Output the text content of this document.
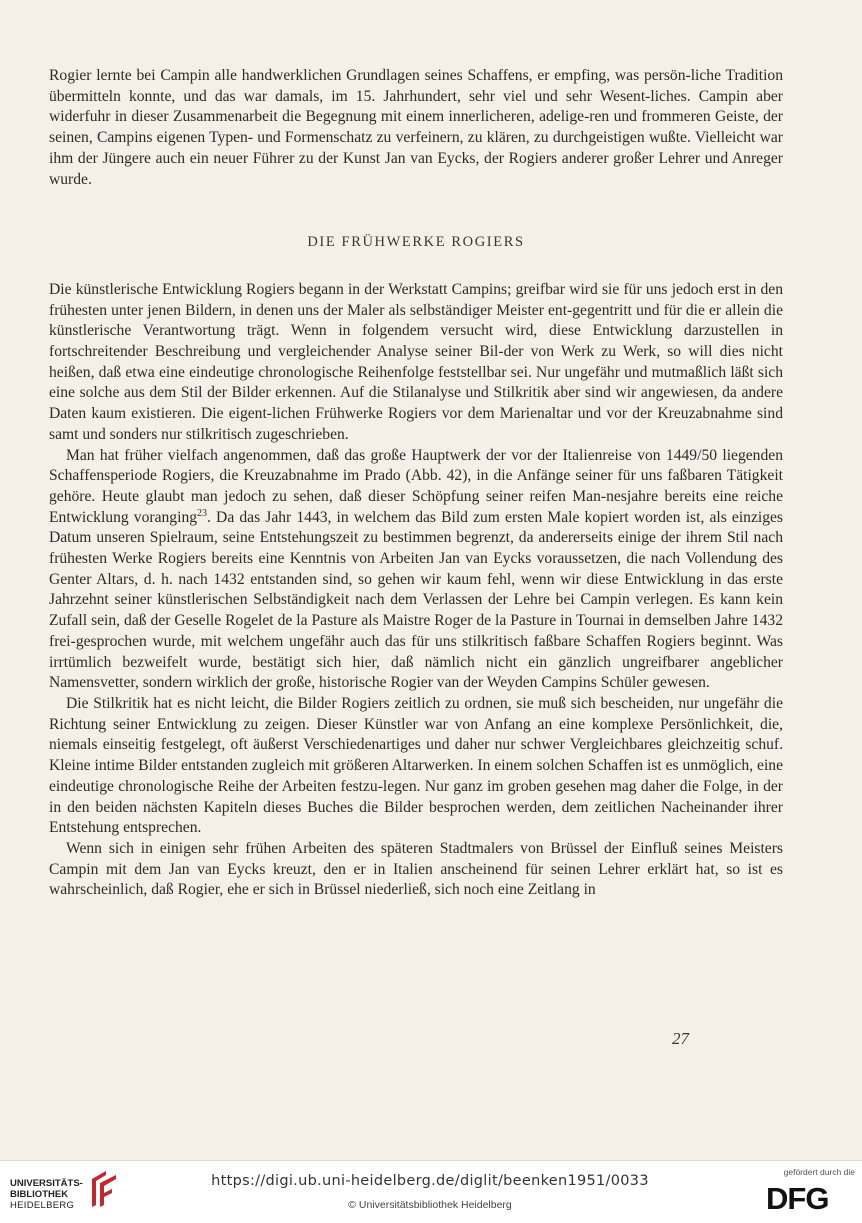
Rogier lernte bei Campin alle handwerklichen Grundlagen seines Schaffens, er empfing, was persön-liche Tradition übermitteln konnte, und das war damals, im 15. Jahrhundert, sehr viel und sehr Wesent-liches. Campin aber widerfuhr in dieser Zusammenarbeit die Begegnung mit einem innerlicheren, adelige-ren und frommeren Geiste, der seinen, Campins eigenen Typen- und Formenschatz zu verfeinern, zu klären, zu durchgeistigen wußte. Vielleicht war ihm der Jüngere auch ein neuer Führer zu der Kunst Jan van Eycks, der Rogiers anderer großer Lehrer und Anreger wurde.

DIE FRÜHWERKE ROGIERS

Die künstlerische Entwicklung Rogiers begann in der Werkstatt Campins; greifbar wird sie für uns jedoch erst in den frühesten unter jenen Bildern, in denen uns der Maler als selbständiger Meister ent-gegentritt und für die er allein die künstlerische Verantwortung trägt. Wenn in folgendem versucht wird, diese Entwicklung darzustellen in fortschreitender Beschreibung und vergleichender Analyse seiner Bil-der von Werk zu Werk, so will dies nicht heißen, daß etwa eine eindeutige chronologische Reihenfolge feststellbar sei. Nur ungefähr und mutmaßlich läßt sich eine solche aus dem Stil der Bilder erkennen. Auf die Stilanalyse und Stilkritik aber sind wir angewiesen, da andere Daten kaum existieren. Die eigent-lichen Frühwerke Rogiers vor dem Marienaltar und vor der Kreuzabnahme sind samt und sonders nur stilkritisch zugeschrieben.

Man hat früher vielfach angenommen, daß das große Hauptwerk der vor der Italienreise von 1449/50 liegenden Schaffensperiode Rogiers, die Kreuzabnahme im Prado (Abb. 42), in die Anfänge seiner für uns faßbaren Tätigkeit gehöre. Heute glaubt man jedoch zu sehen, daß dieser Schöpfung seiner reifen Man-nesjahre bereits eine reiche Entwicklung voranging$^{23}$. Da das Jahr 1443, in welchem das Bild zum ersten Male kopiert worden ist, als einziges Datum unseren Spielraum, seine Entstehungszeit zu bestimmen begrenzt, da andererseits einige der ihrem Stil nach frühesten Werke Rogiers bereits eine Kenntnis von Arbeiten Jan van Eycks voraussetzen, die nach Vollendung des Genter Altars, d. h. nach 1432 entstanden sind, so gehen wir kaum fehl, wenn wir diese Entwicklung in das erste Jahrzehnt seiner künstlerischen Selbständigkeit nach dem Verlassen der Lehre bei Campin verlegen. Es kann kein Zufall sein, daß der Geselle Rogelet de la Pasture als Maistre Roger de la Pasture in Tournai in demselben Jahre 1432 frei-gesprochen wurde, mit welchem ungefähr auch das für uns stilkritisch faßbare Schaffen Rogiers beginnt. Was irrtümlich bezweifelt wurde, bestätigt sich hier, daß nämlich nicht ein gänzlich ungreifbarer angeblicher Namensvetter, sondern wirklich der große, historische Rogier van der Weyden Campins Schüler gewesen.

Die Stilkritik hat es nicht leicht, die Bilder Rogiers zeitlich zu ordnen, sie muß sich bescheiden, nur ungefähr die Richtung seiner Entwicklung zu zeigen. Dieser Künstler war von Anfang an eine komplexe Persönlichkeit, die, niemals einseitig festgelegt, oft äußerst Verschiedenartiges und daher nur schwer Vergleichbares gleichzeitig schuf. Kleine intime Bilder entstanden zugleich mit größeren Altarwerken. In einem solchen Schaffen ist es unmöglich, eine eindeutige chronologische Reihe der Arbeiten festzu-legen. Nur ganz im groben gesehen mag daher die Folge, in der in den beiden nächsten Kapiteln dieses Buches die Bilder besprochen werden, dem zeitlichen Nacheinander ihrer Entstehung entsprechen.

Wenn sich in einigen sehr frühen Arbeiten des späteren Stadtmalers von Brüssel der Einfluß seines Meisters Campin mit dem Jan van Eycks kreuzt, den er in Italien anscheinend für seinen Lehrer erklärt hat, so ist es wahrscheinlich, daß Rogier, ehe er sich in Brüssel niederließ, sich noch eine Zeitlang in

27
UNIVERSITÄTS-
BIBLIOTHEK
HEIDELBERG
https://digi.ub.uni-heidelberg.de/diglit/beenken1951/0033
© Universitätsbibliothek Heidelberg
gefördert durch die
DFG
